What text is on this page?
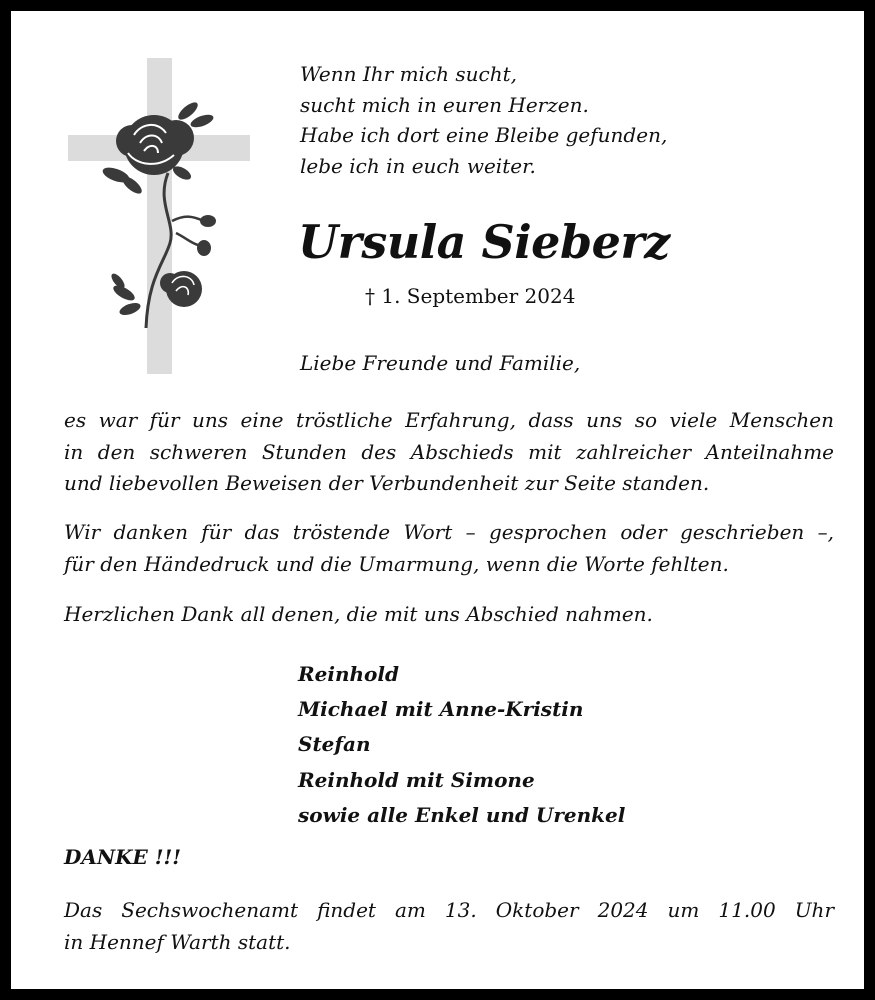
Wenn Ihr mich sucht,
sucht mich in euren Herzen.
Habe ich dort eine Bleibe gefunden,
lebe ich in euch weiter.
Ursula Sieberz
† 1. September 2024
Liebe Freunde und Familie,
es war für uns eine tröstliche Erfahrung, dass uns so viele Menschen
in den schweren Stunden des Abschieds mit zahlreicher Anteilnahme
und liebevollen Beweisen der Verbundenheit zur Seite standen.
Wir danken für das tröstende Wort – gesprochen oder geschrieben –,
für den Händedruck und die Umarmung, wenn die Worte fehlten.
Herzlichen Dank all denen, die mit uns Abschied nahmen.
Reinhold
Michael mit Anne-Kristin
Stefan
Reinhold mit Simone
sowie alle Enkel und Urenkel
DANKE !!!
Das Sechswochenamt findet am 13. Oktober 2024 um 11.00 Uhr
in Hennef Warth statt.
